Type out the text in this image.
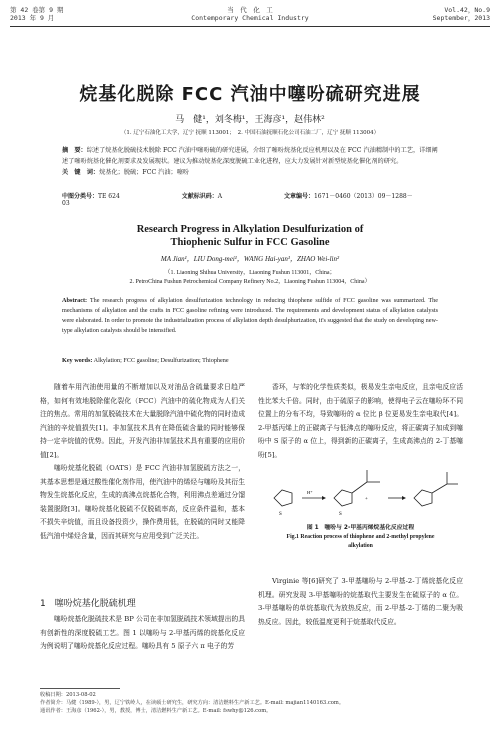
第 42 卷第 9 期
2013 年 9 月
当　代　化　工
Contemporary Chemical Industry
Vol.42，No.9
September，2013
烷基化脱除 FCC 汽油中噻吩硫研究进展
马　健¹，刘冬梅¹，王海彦¹，赵伟林²
（1. 辽宁石油化工大学，辽宁 抚顺 113001；　2. 中国石油抚顺石化公司石油二厂，辽宁 抚顺 113004）
摘　要：综述了烷基化脱硫技术脱除 FCC 汽油中噻吩硫的研究进展，介绍了噻吩烷基化反应机理以及在 FCC 汽油精制中的工艺，详细阐述了噻吩烷基化催化剂要求及发展现状。建议为推动烷基化深度脱硫工业化进程，应大力发展针对新型烷基化催化剂的研究。
关　键　词：烷基化；脱硫；FCC 汽油；噻吩
中图分类号：TE 624	文献标识码：A	文章编号：1671－0460（2013）09－1288－03
Research Progress in Alkylation Desulfurization of
Thiophenic Sulfur in FCC Gasoline
MA Jian¹，LIU Dong-mei¹，WANG Hai-yan¹，ZHAO Wei-lin²
（1. Liaoning Shihua University，Liaoning Fushun 113001，China；
2. PetroChina Fushun Petrochemical Company Refinery No.2，Liaoning Fushun 113004，China）
Abstract: The research progress of alkylation desulfurization technology in reducing thiophene sulfide of FCC gasoline was summarized. The mechanisms of alkylation and the crafts in FCC gasoline refining were introduced. The requirements and development status of alkylation catalysts were elaborated. In order to promote the industrialization process of alkylation depth desulphurization, it's suggested that the study on developing new-type alkylation catalysts should be intensified.
Key words: Alkylation; FCC gasoline; Desulfurization; Thiophene

随着车用汽油使用量的不断增加以及对油品含硫量要求日趋严格，如何有效地脱除催化裂化（FCC）汽油中的硫化物成为人们关注的焦点。常用的加氢脱硫技术在大量脱除汽油中硫化物的同时造成汽油的辛烷值损失[1]。非加氢技术具有在降低硫含量的同时能够保持一定辛烷值的优势。因此，开发汽油非加氢技术具有重要的应用价值[2]。

噻吩烷基化脱硫（OATS）是 FCC 汽油非加氢脱硫方法之一，其基本思想是通过酸性催化剂作用，使汽油中的烯烃与噻吩及其衍生物发生烷基化反应，生成的高沸点烷基化合物，利用沸点差通过分馏装置脱除[3]。噻吩烷基化脱硫不仅脱硫率高，反应条件温和，基本不损失辛烷值，而且设备投资少，操作费用低，在脱硫的同时又能降低汽油中烯烃含量，因而其研究与应用受到广泛关注。

1　噻吩烷基化脱硫机理

噻吩烷基化脱硫技术是 BP 公司在非加氢脱硫技术领域提出的具有创新性的深度脱硫工艺。图 1 以噻吩与 2-甲基丙烯的烷基化反应为例说明了噻吩烷基化反应过程。噻吩具有 5 原子六 π 电子的芳

香环，与苯的化学性质类似，极易发生亲电反应，且亲电反应活性比苯大千倍。同时，由于硫原子的影响，使得电子云在噻吩环不同位置上的分布不均，导致噻吩的 α 位比 β 位更易发生亲电取代[4]。2-甲基丙烯上的正碳离子与低沸点的噻吩反应，将正碳离子加成到噻吩中 S 原子的 α 位上，得到新的正碳离子，生成高沸点的 2-丁基噻吩[5]。

S
H⁺
S
+
图 1　噻吩与 2-甲基丙烯烷基化反应过程
Fig.1 Reaction process of thiophene and 2-methyl propylene
alkylation

Virginie 等[6]研究了 3-甲基噻吩与 2-甲基-2-丁烯烷基化反应机理。研究发现 3-甲基噻吩的烷基取代主要发生在硫原子的 α 位。3-甲基噻吩的单烷基取代为放热反应，而 2-甲基-2-丁烯的二聚为吸热反应。因此，较低温度更利于烷基取代反应。

收稿日期：2013-08-02
作者简介：马健（1989-），男，辽宁铁岭人，在读硕士研究生，研究方向：清洁燃料生产新工艺。E-mail: majian1140163.com。
通讯作者：王海彦（1962-），男，教授，博士，清洁燃料生产新工艺。E-mail: fswhy@126.com。
